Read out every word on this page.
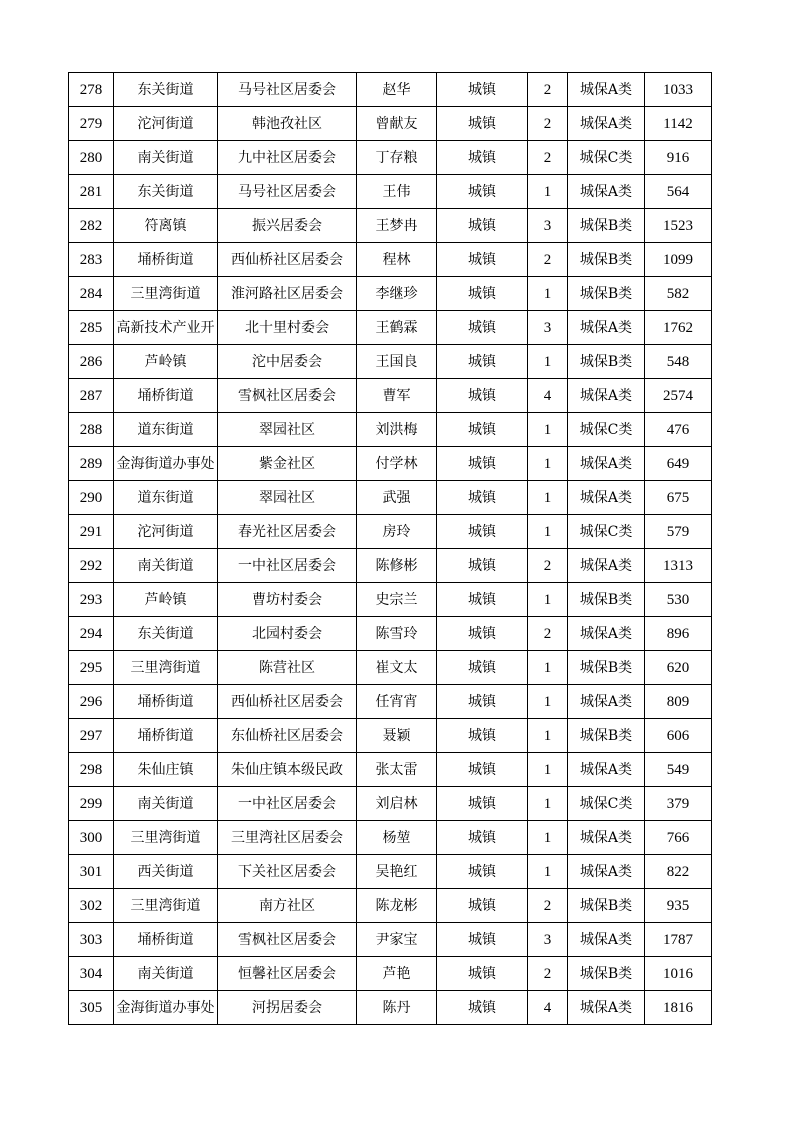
278	东关街道	马号社区居委会	赵华	城镇	2	城保A类	1033
279	沱河街道	韩池孜社区	曾献友	城镇	2	城保A类	1142
280	南关街道	九中社区居委会	丁存粮	城镇	2	城保C类	916
281	东关街道	马号社区居委会	王伟	城镇	1	城保A类	564
282	符离镇	振兴居委会	王梦冉	城镇	3	城保B类	1523
283	埇桥街道	西仙桥社区居委会	程林	城镇	2	城保B类	1099
284	三里湾街道	淮河路社区居委会	李继珍	城镇	1	城保B类	582
285	高新技术产业开	北十里村委会	王鹤霖	城镇	3	城保A类	1762
286	芦岭镇	沱中居委会	王国良	城镇	1	城保B类	548
287	埇桥街道	雪枫社区居委会	曹军	城镇	4	城保A类	2574
288	道东街道	翠园社区	刘洪梅	城镇	1	城保C类	476
289	金海街道办事处	紫金社区	付学林	城镇	1	城保A类	649
290	道东街道	翠园社区	武强	城镇	1	城保A类	675
291	沱河街道	春光社区居委会	房玲	城镇	1	城保C类	579
292	南关街道	一中社区居委会	陈修彬	城镇	2	城保A类	1313
293	芦岭镇	曹坊村委会	史宗兰	城镇	1	城保B类	530
294	东关街道	北园村委会	陈雪玲	城镇	2	城保A类	896
295	三里湾街道	陈营社区	崔文太	城镇	1	城保B类	620
296	埇桥街道	西仙桥社区居委会	任宵宵	城镇	1	城保A类	809
297	埇桥街道	东仙桥社区居委会	聂颖	城镇	1	城保B类	606
298	朱仙庄镇	朱仙庄镇本级民政	张太雷	城镇	1	城保A类	549
299	南关街道	一中社区居委会	刘启林	城镇	1	城保C类	379
300	三里湾街道	三里湾社区居委会	杨堃	城镇	1	城保A类	766
301	西关街道	下关社区居委会	吴艳红	城镇	1	城保A类	822
302	三里湾街道	南方社区	陈龙彬	城镇	2	城保B类	935
303	埇桥街道	雪枫社区居委会	尹家宝	城镇	3	城保A类	1787
304	南关街道	恒馨社区居委会	芦艳	城镇	2	城保B类	1016
305	金海街道办事处	河拐居委会	陈丹	城镇	4	城保A类	1816
